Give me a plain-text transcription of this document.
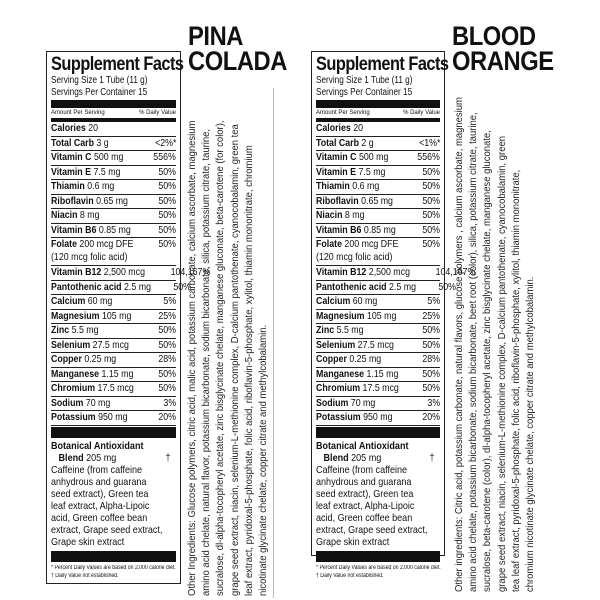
Supplement Facts
Serving Size 1 Tube (11 g)
Servings Per Container 15
Amount Per Serving	% Daily Value
Calories 20
Total Carb 3 g	<2%*
Vitamin C 500 mg	556%
Vitamin E 7.5 mg	50%
Thiamin 0.6 mg	50%
Riboflavin 0.65 mg	50%
Niacin 8 mg	50%
Vitamin B6 0.85 mg	50%
Folate 200 mcg DFE
(120 mcg folic acid)
50%
Vitamin B12 2,500 mcg 104,167%
Pantothenic acid 2.5 mg 50%
Calcium 60 mg	5%
Magnesium 105 mg	25%
Zinc 5.5 mg	50%
Selenium 27.5 mcg	50%
Copper 0.25 mg	28%
Manganese 1.15 mg 50%
Chromium 17.5 mcg 50%
Sodium 70 mg	3%
Potassium 950 mg	20%
Botanical Antioxidant
Blend 205 mg	†
Caffeine (from caffeine anhydrous and guarana seed extract), Green tea leaf extract, Alpha-Lipoic acid, Green coffee bean extract, Grape seed extract, Grape skin extract
* Percent Daily Values are based on 2,000 calorie diet.
† Daily Value not established.
PINA
COLADA
Other Ingredients: Glucose polymers, citric acid, malic acid, potassium carbonate, calcium ascorbate, magnesium amino acid chelate, natural flavor, potassium bicarbonate, sodium bicarbonate, silica, potassium citrate, taurine, sucralose, dl-alpha-tocopheryl acetate, zinc bisglycinate chelate, manganese gluconate, beta-carotene (for color), grape seed extract, niacin, selenium-L-methionine complex, D-calcium pantothenate, cyanocobalamin, green tea leaf extract, pyridoxal-5-phosphate, folic acid, riboflavin-5-phosphate, xylitol, thiamin mononitrate, chromium nicotinate glycinate chelate, copper citrate and methylcobalamin.
Supplement Facts
Serving Size 1 Tube (11 g)
Servings Per Container 15
Amount Per Serving	% Daily Value
Calories 20
Total Carb 2 g	<1%*
Vitamin C 500 mg	556%
Vitamin E 7.5 mg	50%
Thiamin 0.6 mg	50%
Riboflavin 0.65 mg	50%
Niacin 8 mg	50%
Vitamin B6 0.85 mg	50%
Folate 200 mcg DFE
(120 mcg folic acid)
50%
Vitamin B12 2,500 mcg 104,167%
Pantothenic acid 2.5 mg 50%
Calcium 60 mg	5%
Magnesium 105 mg 25%
Zinc 5.5 mg	50%
Selenium 27.5 mcg	50%
Copper 0.25 mg	28%
Manganese 1.15 mg 50%
Chromium 17.5 mcg 50%
Sodium 70 mg	3%
Potassium 950 mg	20%
Botanical Antioxidant
Blend 205 mg	†
Caffeine (from caffeine anhydrous and guarana seed extract), Green tea leaf extract, Alpha-Lipoic acid, Green coffee bean extract, Grape seed extract, Grape skin extract
* Percent Daily Values are based on 2,000 calorie diet.
† Daily Value not established.
BLOOD
ORANGE
Other ingredients: Citric acid, potassium carbonate, natural flavors, glucose polymers , calcium ascorbate, magnesium amino acid chelate, potassium bicarbonate, sodium bicarbonate, beet root (color), silica, potassium citrate, taurine, sucralose, beta-carotene (color), dl-alpha-tocopheryl acetate, zinc bisglycinate chelate, manganese gluconate, grape seed extract, niacin, selenium-L-methionine complex, D-calcium pantothenate, cyanocobalamin, green tea leaf extract, pyridoxal-5-phosphate, folic acid, riboflavin-5-phosphate, xylitol, thiamin mononitrate, chromium nicotinate glycinate chelate, copper citrate and methylcobalamin.
